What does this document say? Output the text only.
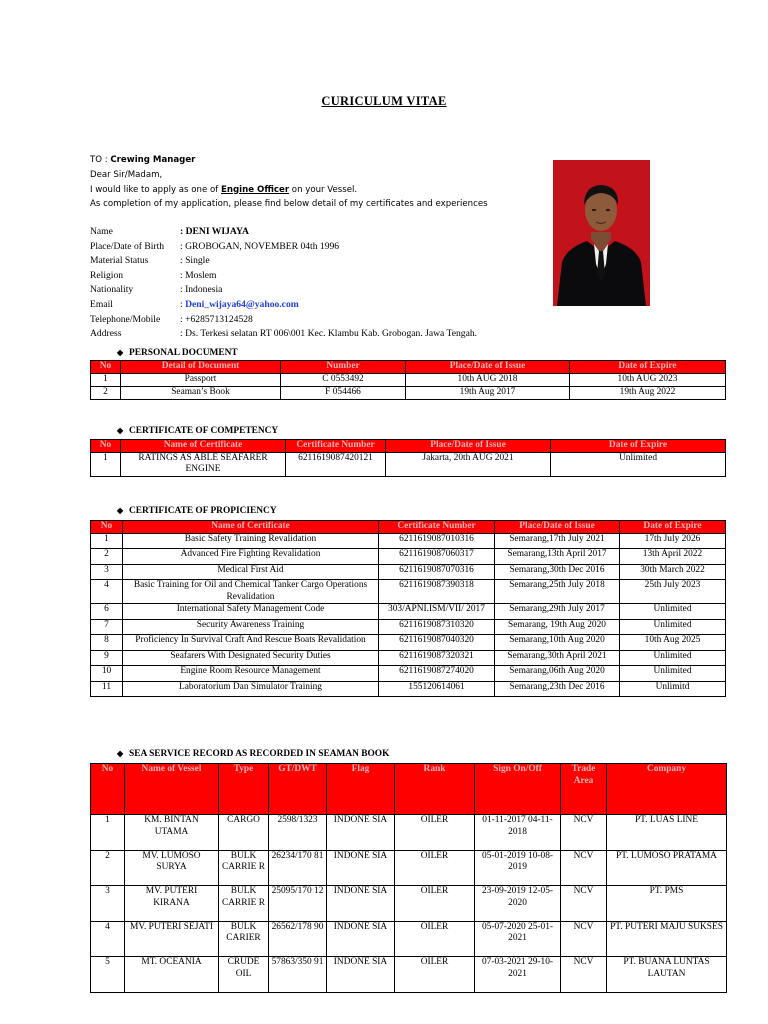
CURICULUM VITAE
TO : Crewing Manager
Dear Sir/Madam,
I would like to apply as one of Engine Officer on your Vessel.
As completion of my application, please find below detail of my certificates and experiences
Name	: DENI WIJAYA
Place/Date of Birth : GROBOGAN, NOVEMBER 04th 1996
Material Status	: Single
Religion	: Moslem
Nationality	: Indonesia
Email	: Deni_wijaya64@yahoo.com
Telephone/Mobile : +6285713124528
Address	: Ds. Terkesi selatan RT 006\001 Kec. Klambu Kab. Grobogan. Jawa Tengah.
◆ PERSONAL DOCUMENT
No	Detail of Document	Number	Place/Date of Issue	Date of Expire
1	Passport	C 0553492	10th AUG 2018	10th AUG 2023
2	Seaman’s Book	F 054466	19th Aug 2017	19th Aug 2022
◆ CERTIFICATE OF COMPETENCY
No	Name of Certificate	Certificate Number	Place/Date of Issue	Date of Expire
1	RATINGS AS ABLE SEAFARER ENGINE	6211619087420121	Jakarta, 20th AUG 2021	Unlimited
◆ CERTIFICATE OF PROPICIENCY
No	Name of Certificate	Certificate Number	Place/Date of Issue	Date of Expire
1	Basic Safety Training Revalidation	6211619087010316	Semarang,17th July 2021	17th July 2026
2	Advanced Fire Fighting Revalidation	6211619087060317	Semarang,13th April 2017	13th April 2022
3	Medical First Aid	6211619087070316	Semarang,30th Dec 2016	30th March 2022
4	Basic Training for Oil and Chemical Tanker Cargo Operations Revalidation	6211619087390318	Semarang,25th July 2018	25th July 2023
6	International Safety Management Code	303/APNI.ISM/VII/ 2017	Semarang,29th July 2017	Unlimited
7	Security Awareness Training	6211619087310320	Semarang, 19th Aug 2020	Unlimited
8	Proficiency In Survival Craft And Rescue Boats Revalidation	6211619087040320	Semarang,10th Aug 2020	10th Aug 2025
9	Seafarers With Designated Security Duties	6211619087320321	Semarang,30th April 2021	Unlimited
10	Engine Room Resource Management	6211619087274020	Semarang,06th Aug 2020	Unlimited
11	Laboratorium Dan Simulator Training	155120614061	Semarang,23th Dec 2016	Unlimitd
◆ SEA SERVICE RECORD AS RECORDED IN SEAMAN BOOK
No	Name of Vessel	Type	GT/DWT	Flag	Rank	Sign On/Off	Trade Area	Company
1	KM. BINTAN UTAMA	CARGO	2598/1323	INDONE SIA	OILER	01-11-2017 04-11-2018	NCV	PT. LUAS LINE
2	MV. LUMOSO SURYA	BULK CARRIE R	26234/170 81	INDONE SIA	OILER	05-01-2019 10-08-2019	NCV	PT. LUMOSO PRATAMA
3	MV. PUTERI KIRANA	BULK CARRIE R	25095/170 12	INDONE SIA	OILER	23-09-2019 12-05-2020	NCV	PT. PMS
4	MV. PUTERI SEJATI	BULK CARIER	26562/178 90	INDONE SIA	OILER	05-07-2020 25-01-2021	NCV	PT. PUTERI MAJU SUKSES
5	MT. OCEANIA	CRUDE OIL	57863/350 91	INDONE SIA	OILER	07-03-2021 29-10-2021	NCV	PT. BUANA LUNTAS LAUTAN
